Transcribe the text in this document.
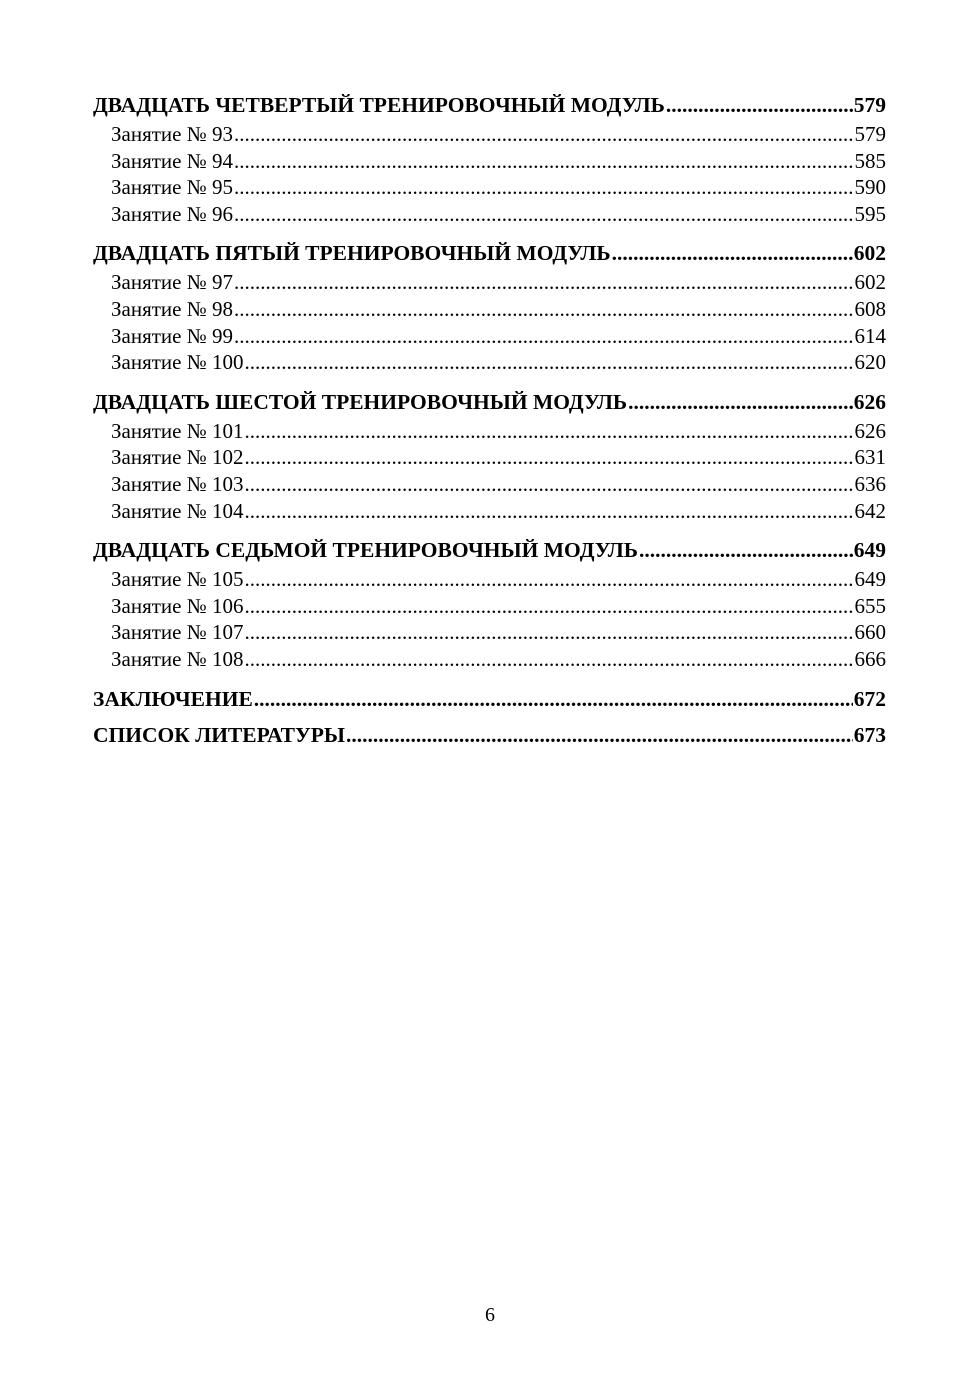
ДВАДЦАТЬ ЧЕТВЕРТЫЙ ТРЕНИРОВОЧНЫЙ МОДУЛЬ .....	579
Занятие № 93 .....	579
Занятие № 94 .....	585
Занятие № 95 .....	590
Занятие № 96 .....	595
ДВАДЦАТЬ ПЯТЫЙ ТРЕНИРОВОЧНЫЙ МОДУЛЬ .....	602
Занятие № 97 .....	602
Занятие № 98 .....	608
Занятие № 99 .....	614
Занятие № 100 .....	620
ДВАДЦАТЬ ШЕСТОЙ ТРЕНИРОВОЧНЫЙ МОДУЛЬ .....	626
Занятие № 101 .....	626
Занятие № 102 .....	631
Занятие № 103 .....	636
Занятие № 104 .....	642
ДВАДЦАТЬ СЕДЬМОЙ ТРЕНИРОВОЧНЫЙ МОДУЛЬ .....	649
Занятие № 105 .....	649
Занятие № 106 .....	655
Занятие № 107 .....	660
Занятие № 108 .....	666
ЗАКЛЮЧЕНИЕ .....	672
СПИСОК ЛИТЕРАТУРЫ .....	673
6
